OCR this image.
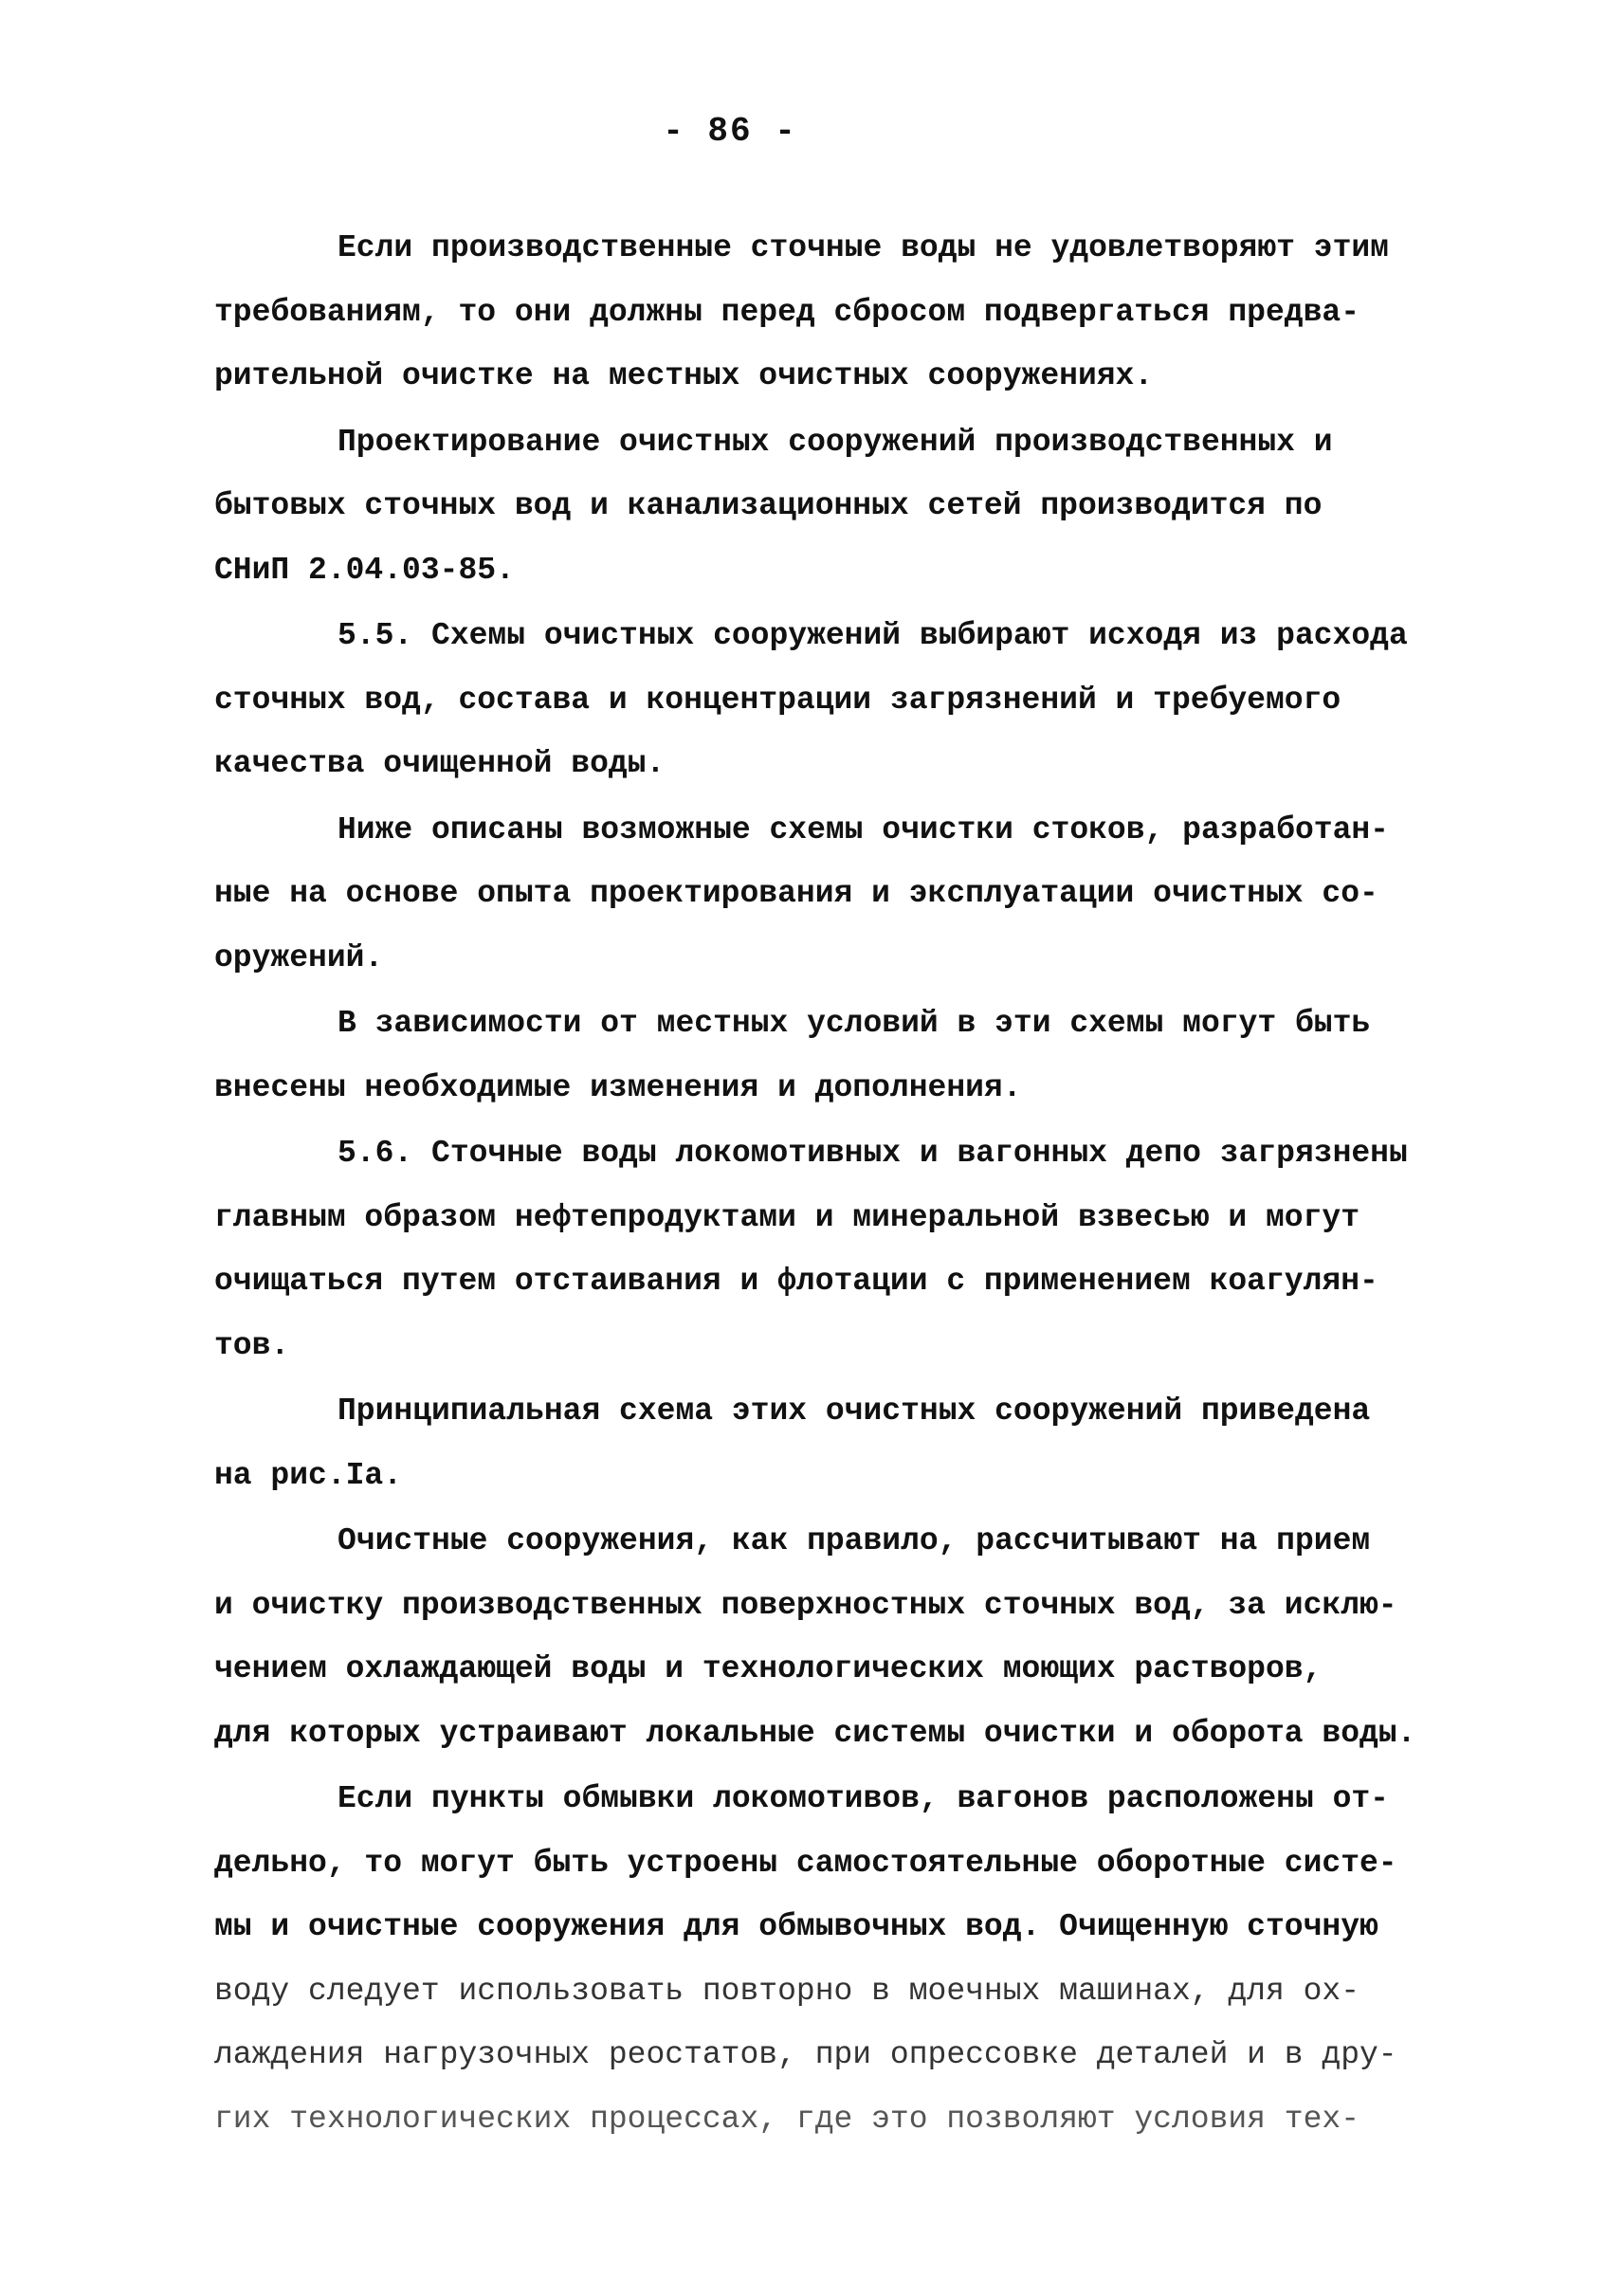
- 86 -
Если производственные сточные воды не удовлетворяют этим
требованиям, то они должны перед сбросом подвергаться предва-
рительной очистке на местных очистных сооружениях.
Проектирование очистных сооружений производственных и
бытовых сточных вод и канализационных сетей производится по
СНиП 2.04.03-85.
5.5. Схемы очистных сооружений выбирают исходя из расхода
сточных вод, состава и концентрации загрязнений и требуемого
качества очищенной воды.
Ниже описаны возможные схемы очистки стоков, разработан-
ные на основе опыта проектирования и эксплуатации очистных со-
оружений.
В зависимости от местных условий в эти схемы могут быть
внесены необходимые изменения и дополнения.
5.6. Сточные воды локомотивных и вагонных депо загрязнены
главным образом нефтепродуктами и минеральной взвесью и могут
очищаться путем отстаивания и флотации с применением коагулян-
тов.
Принципиальная схема этих очистных сооружений приведена
на рис.Iа.
Очистные сооружения, как правило, рассчитывают на прием
и очистку производственных поверхностных сточных вод, за исклю-
чением охлаждающей воды и технологических моющих растворов,
для которых устраивают локальные системы очистки и оборота воды.
Если пункты обмывки локомотивов, вагонов расположены от-
дельно, то могут быть устроены самостоятельные оборотные систе-
мы и очистные сооружения для обмывочных вод. Очищенную сточную
воду следует использовать повторно в моечных машинах, для ох-
лаждения нагрузочных реостатов, при опрессовке деталей и в дру-
гих технологических процессах, где это позволяют условия тех-
